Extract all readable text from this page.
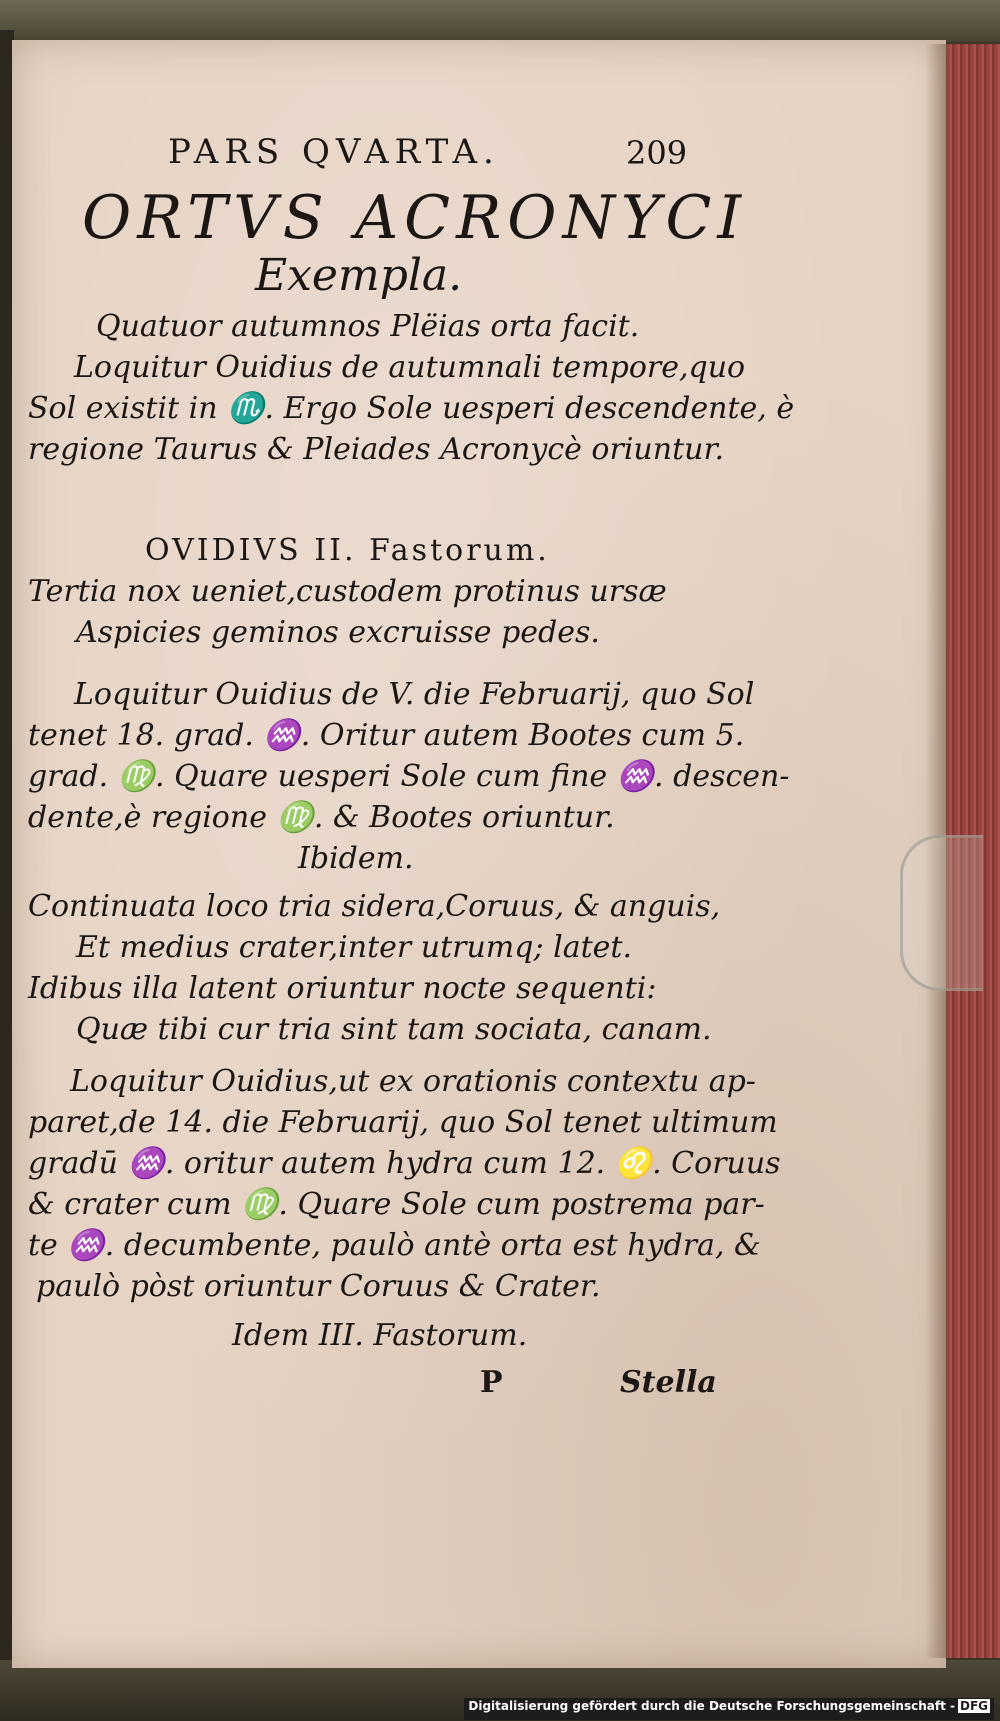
PARS QVARTA.	209
ORTVS ACRONYCI
Exempla.
Quatuor autumnos Plëias orta facit.
Loquitur Ouidius de autumnali tempore,quo
Sol existit in ♏. Ergo Sole uesperi descendente, è
regione Taurus & Pleiades Acronycè oriuntur.
OVIDIVS II. Fastorum.
Tertia nox ueniet,custodem protinus ursæ
Aspicies geminos excruisse pedes.
Loquitur Ouidius de V. die Februarij, quo Sol
tenet 18. grad. ♒. Oritur autem Bootes cum 5.
grad. ♍. Quare uesperi Sole cum fine ♒. descen-
dente,è regione ♍. & Bootes oriuntur.
Ibidem.
Continuata loco tria sidera,Coruus, & anguis,
Et medius crater,inter utrumq; latet.
Idibus illa latent oriuntur nocte sequenti:
Quæ tibi cur tria sint tam sociata, canam.
Loquitur Ouidius,ut ex orationis contextu ap-
paret,de 14. die Februarij, quo Sol tenet ultimum
gradū ♒. oritur autem hydra cum 12. ♌. Coruus
& crater cum ♍. Quare Sole cum postrema par-
te ♒. decumbente, paulò antè orta est hydra, &
paulò pòst oriuntur Coruus & Crater.
Idem III. Fastorum.
P	Stella
Digitalisierung gefördert durch die Deutsche Forschungsgemeinschaft - DFG
